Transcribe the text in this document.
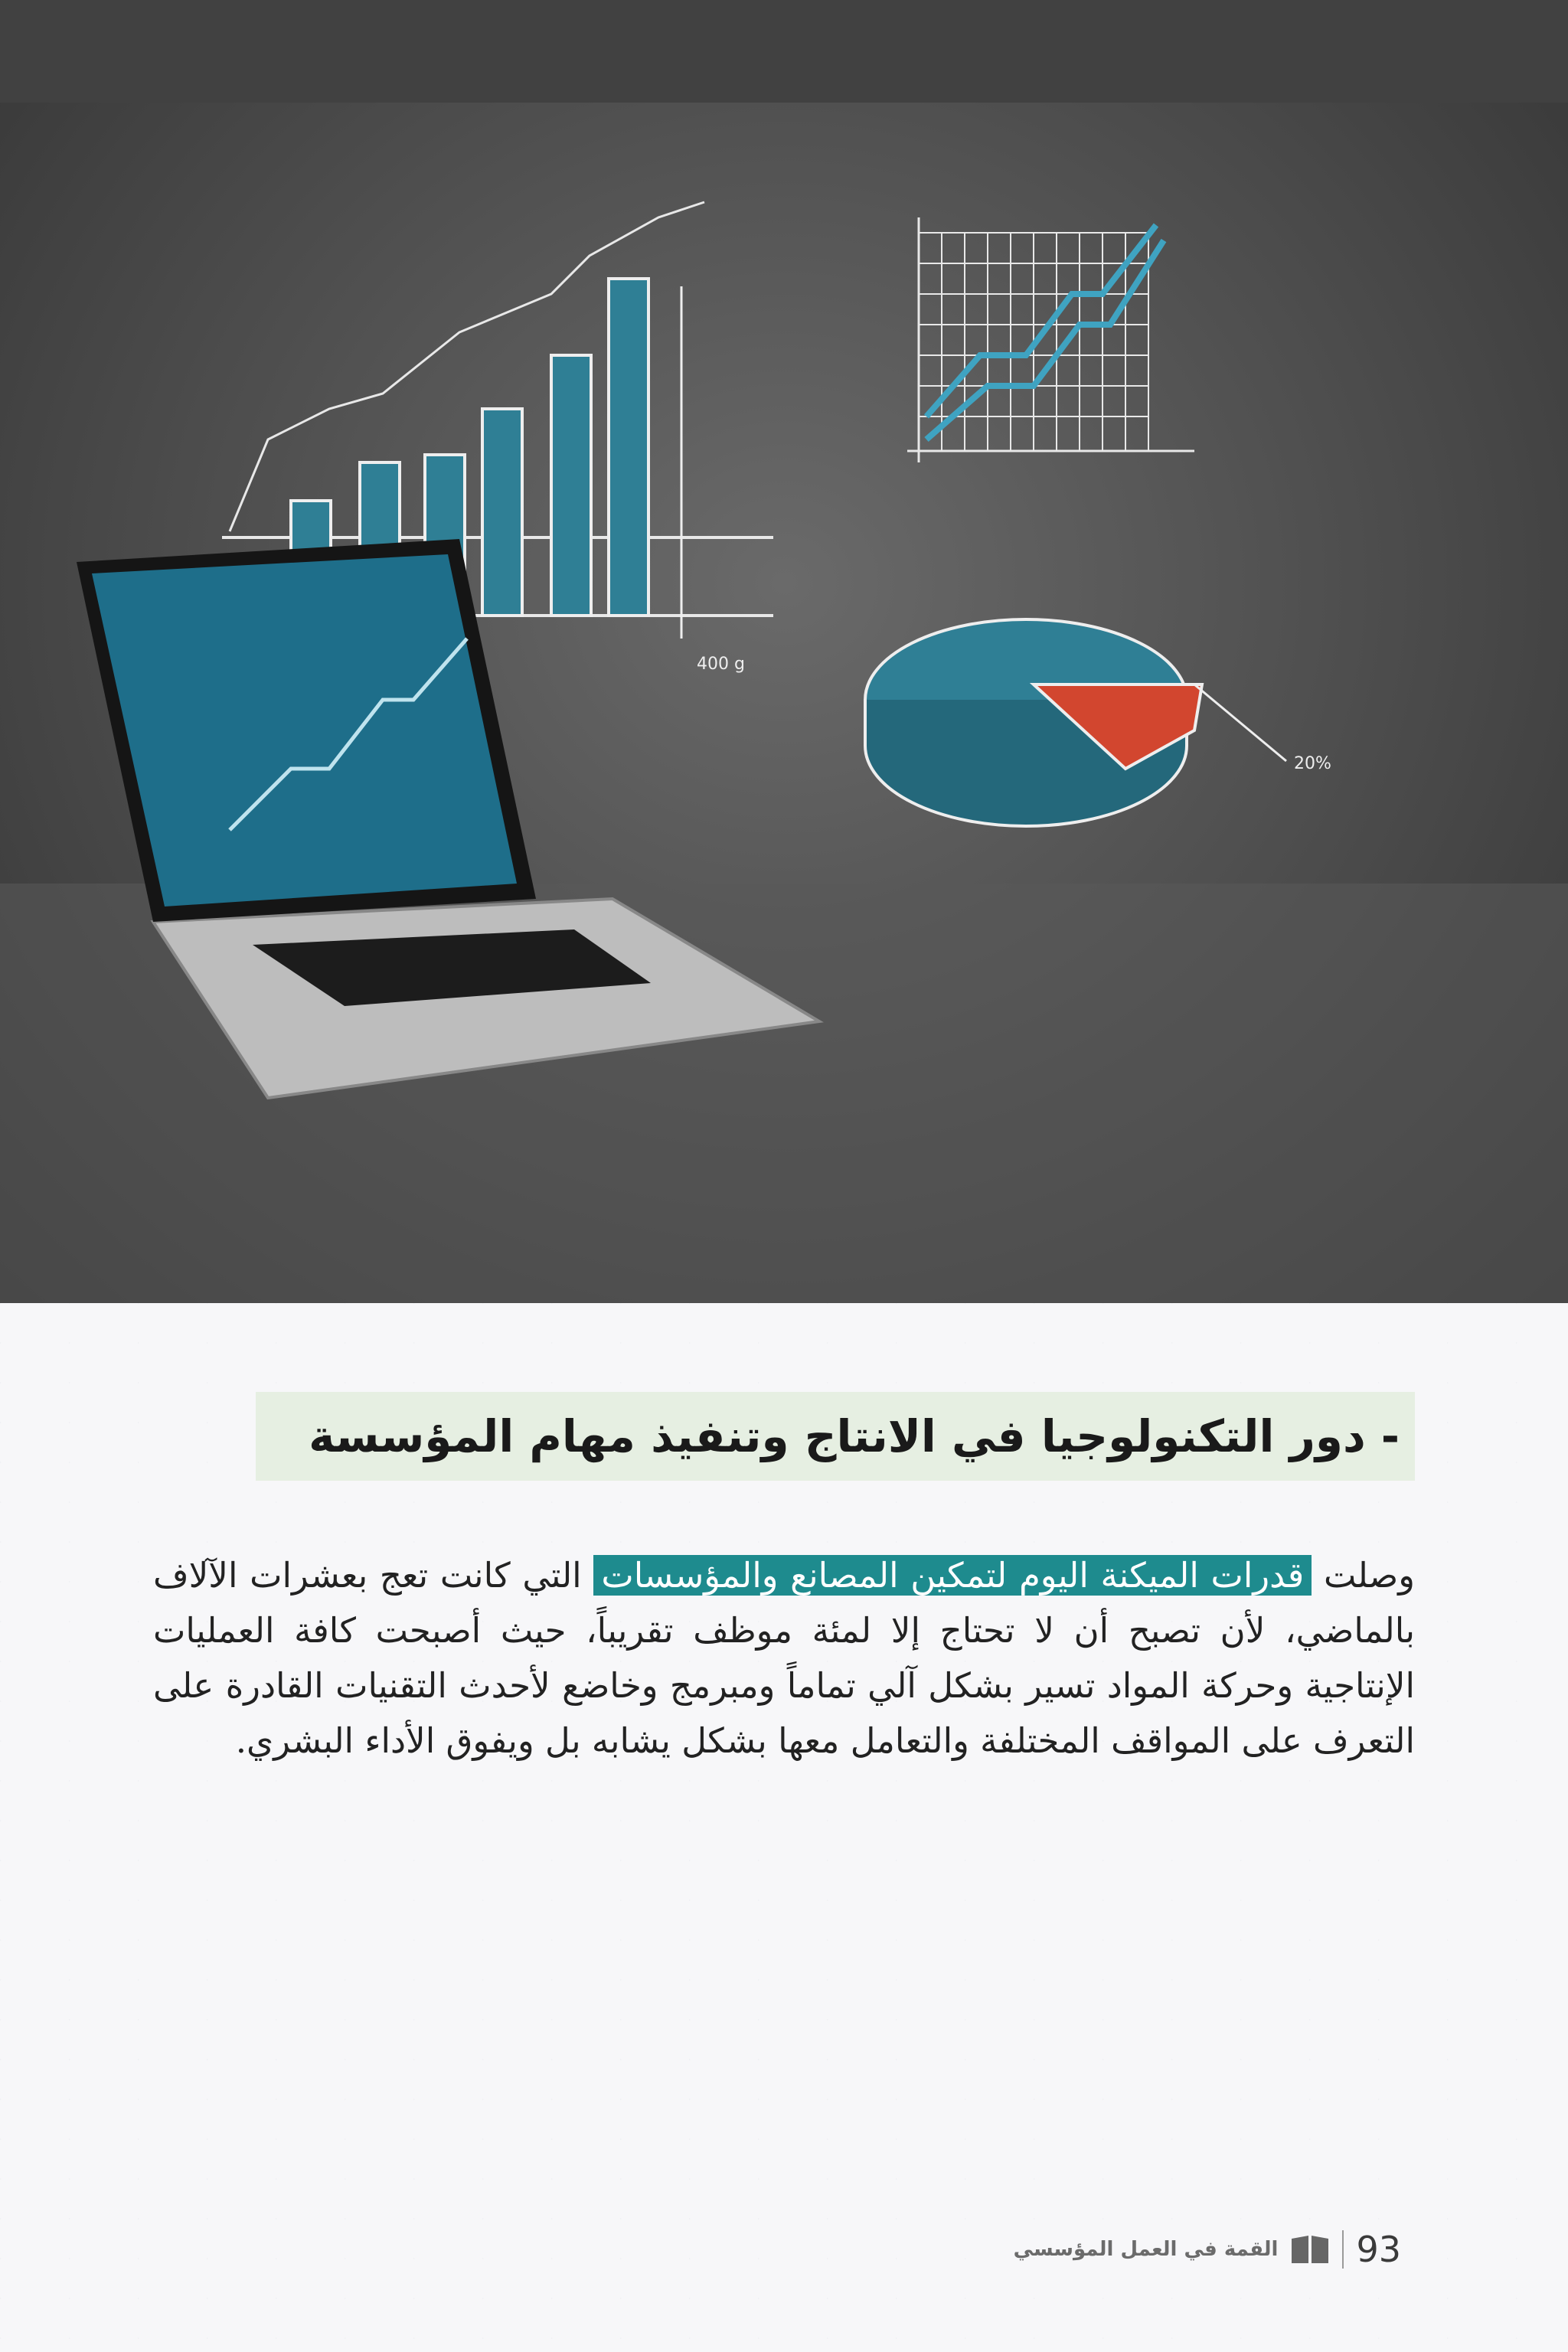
400 g
20%
- دور التكنولوجيا في الانتاج وتنفيذ مهام المؤسسة
وصلت قدرات الميكنة اليوم لتمكين المصانع والمؤسسات التي كانت تعج بعشرات الآلاف بالماضي، لأن تصبح أن لا تحتاج إلا لمئة موظف تقريباً، حيث أصبحت كافة العمليات الإنتاجية وحركة المواد تسير بشكل آلي تماماً ومبرمج وخاضع لأحدث التقنيات القادرة على التعرف على المواقف المختلفة والتعامل معها بشكل يشابه بل ويفوق الأداء البشري.
93
القمة في العمل المؤسسي
